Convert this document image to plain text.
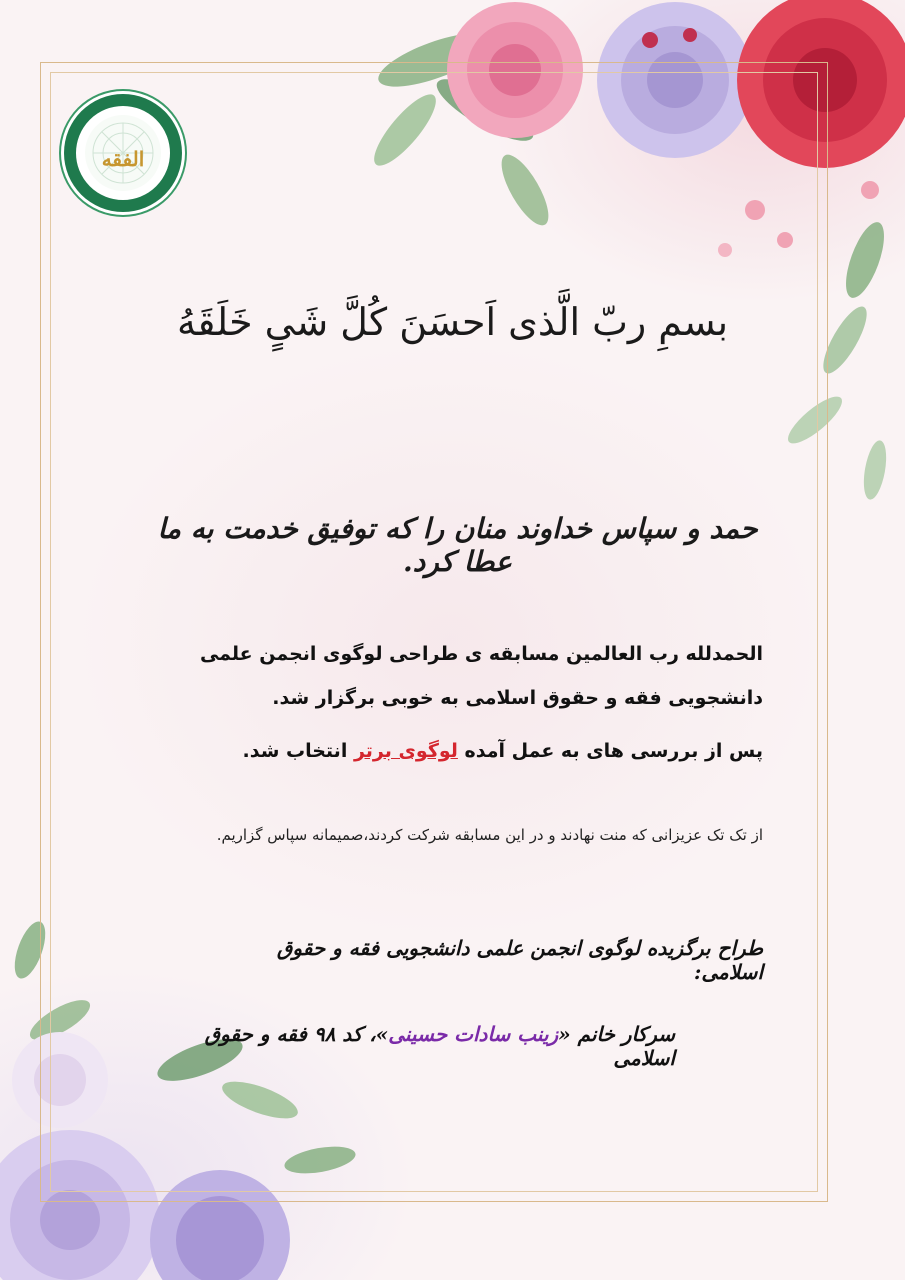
الفقه
بسمِ ربّ الَّذی اَحسَنَ کُلَّ شَیٍ خَلَقَهُ
حمد و سپاس خداوند منان را که توفیق خدمت به ما عطا کرد.
الحمدلله رب العالمین مسابقه ی طراحی لوگوی انجمن علمی دانشجویی فقه و حقوق اسلامی به خوبی برگزار شد.
پس از بررسی های به عمل آمده لوگوی برتر انتخاب شد.
از تک تک عزیزانی که منت نهادند و در این مسابقه شرکت کردند،صمیمانه سپاس گزاریم.
طراح برگزیده لوگوی انجمن علمی دانشجویی فقه و حقوق اسلامی:
سرکار خانم «زینب سادات حسینی»، کد ۹۸ فقه و حقوق اسلامی
